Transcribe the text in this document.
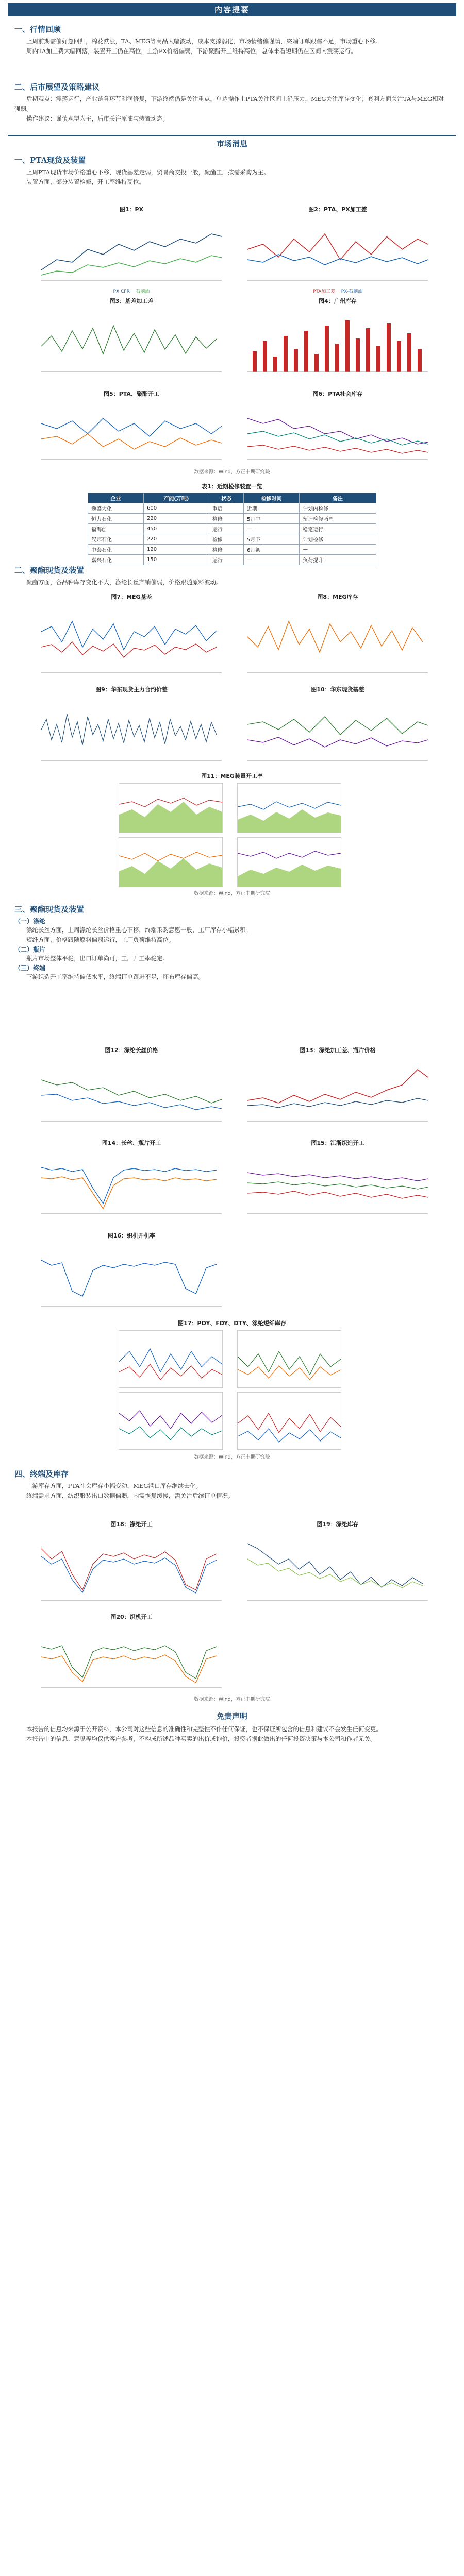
内容提要
一、行情回顾
上周前期需偏好忽回归，棉花跌涨，TA、MEG等商品大幅波动，成本支撑弱化，市场情绪偏谨慎，终端订单跟踪不足，市场重心下移。
周内TA加工费大幅回落，装置开工仍在高位，上游PX价格偏弱，下游聚酯开工维持高位，总体来看短期仍在区间内震荡运行。
二、后市展望及策略建议
后期观点：震荡运行，产业链各环节利润修复，下游终端仍是关注重点。单边操作上PTA关注区间上沿压力，MEG关注库存变化；套利方面关注TA与MEG相对强弱。
操作建议：谨慎观望为主，后市关注原油与装置动态。
市场消息
一、PTA现货及装置
上周PTA现货市场价格重心下移，现货基差走弱，贸易商交投一般，聚酯工厂按需采购为主。
装置方面，部分装置检修，开工率维持高位。
图1：PX
PX CFR 石脑油
图2：PTA、PX加工差
PTA加工差 PX-石脑油
图3：基差加工差	图4：广州库存
图5：PTA、聚酯开工	图6：PTA社会库存
数据来源：Wind，方正中期研究院
表1：近期检修装置一览
企业	产能(万吨)	状态	检修时间	备注
逸盛大化	600	重启	近期	计划内检修
恒力石化	220	检修	5月中	预计检修两周
福海创	450	运行	—	稳定运行
汉邦石化	220	检修	5月下	计划检修
中泰石化	120	检修	6月初	—
嘉兴石化	150	运行	—	负荷提升
二、聚酯现货及装置
聚酯方面，各品种库存变化不大，涤纶长丝产销偏弱，价格跟随原料波动。
图7：MEG基差	图8：MEG库存
图9：华东现货主力合约价差	图10：华东现货基差
图11：MEG装置开工率
数据来源：Wind，方正中期研究院
三、聚酯现货及装置
（一）涤纶
涤纶长丝方面，上周涤纶长丝价格重心下移，终端采购意愿一般，工厂库存小幅累积。
短纤方面，价格跟随原料偏弱运行，工厂负荷维持高位。
（二）瓶片
瓶片市场整体平稳，出口订单尚可，工厂开工率稳定。
（三）终端
下游织造开工率维持偏低水平，终端订单跟进不足，坯布库存偏高。
图12：涤纶长丝价格	图13：涤纶加工差、瓶片价格
图14：长丝、瓶片开工	图15：江浙织造开工
图16：织机开机率
图17：POY、FDY、DTY、涤纶短纤库存
数据来源：Wind，方正中期研究院
四、终端及库存
上游库存方面，PTA社会库存小幅变动，MEG港口库存继续去化。
终端需求方面，纺织服装出口数据偏弱，内需恢复缓慢，需关注后续订单情况。
图18：涤纶开工	图19：涤纶库存
图20：织机开工
数据来源：Wind，方正中期研究院
免责声明
本报告的信息均来源于公开资料，本公司对这些信息的准确性和完整性不作任何保证，也不保证所包含的信息和建议不会发生任何变更。
本报告中的信息、意见等均仅供客户参考，不构成所述品种买卖的出价或询价，投资者据此做出的任何投资决策与本公司和作者无关。
